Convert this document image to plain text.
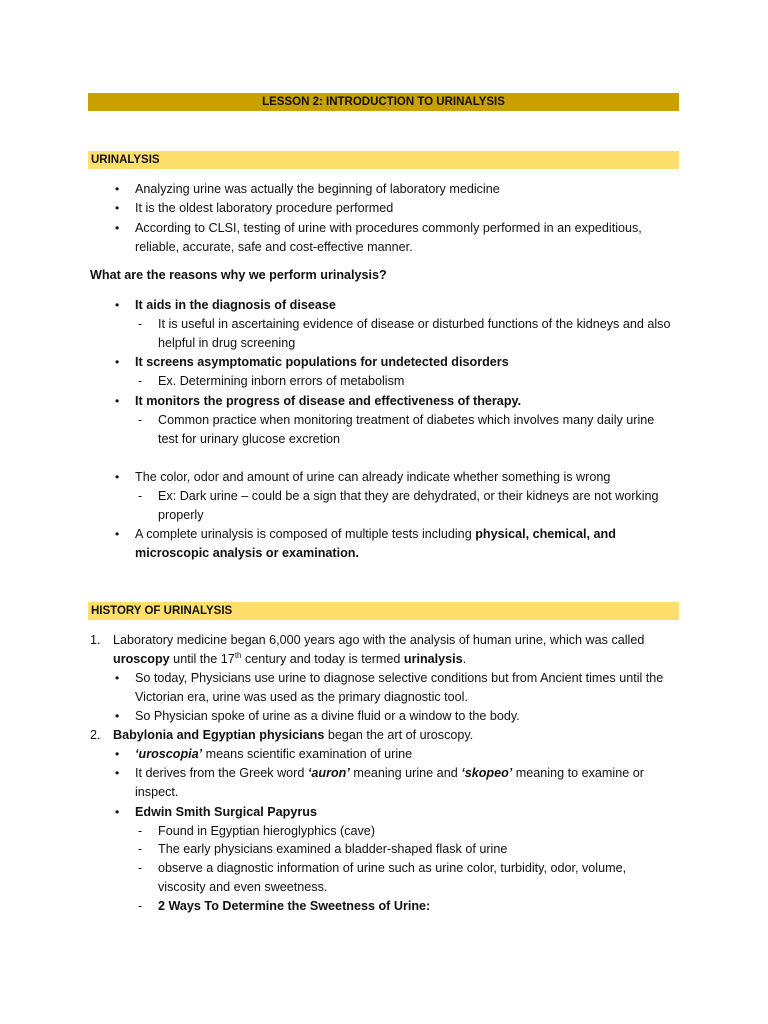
LESSON 2: INTRODUCTION TO URINALYSIS
URINALYSIS
• Analyzing urine was actually the beginning of laboratory medicine
• It is the oldest laboratory procedure performed
• According to CLSI, testing of urine with procedures commonly performed in an expeditious,
reliable, accurate, safe and cost-effective manner.
What are the reasons why we perform urinalysis?
• It aids in the diagnosis of disease
- It is useful in ascertaining evidence of disease or disturbed functions of the kidneys and also
helpful in drug screening
• It screens asymptomatic populations for undetected disorders
- Ex. Determining inborn errors of metabolism
• It monitors the progress of disease and effectiveness of therapy.
- Common practice when monitoring treatment of diabetes which involves many daily urine
test for urinary glucose excretion
• The color, odor and amount of urine can already indicate whether something is wrong
- Ex: Dark urine – could be a sign that they are dehydrated, or their kidneys are not working
properly
• A complete urinalysis is composed of multiple tests including physical, chemical, and
microscopic analysis or examination.
HISTORY OF URINALYSIS
1. Laboratory medicine began 6,000 years ago with the analysis of human urine, which was called
uroscopy until the 17th century and today is termed urinalysis.
• So today, Physicians use urine to diagnose selective conditions but from Ancient times until the
Victorian era, urine was used as the primary diagnostic tool.
• So Physician spoke of urine as a divine fluid or a window to the body.
2. Babylonia and Egyptian physicians began the art of uroscopy.
• ‘uroscopia’ means scientific examination of urine
• It derives from the Greek word ‘auron’ meaning urine and ‘skopeo’ meaning to examine or
inspect.
• Edwin Smith Surgical Papyrus
- Found in Egyptian hieroglyphics (cave)
- The early physicians examined a bladder-shaped flask of urine
- observe a diagnostic information of urine such as urine color, turbidity, odor, volume,
viscosity and even sweetness.
- 2 Ways To Determine the Sweetness of Urine:
